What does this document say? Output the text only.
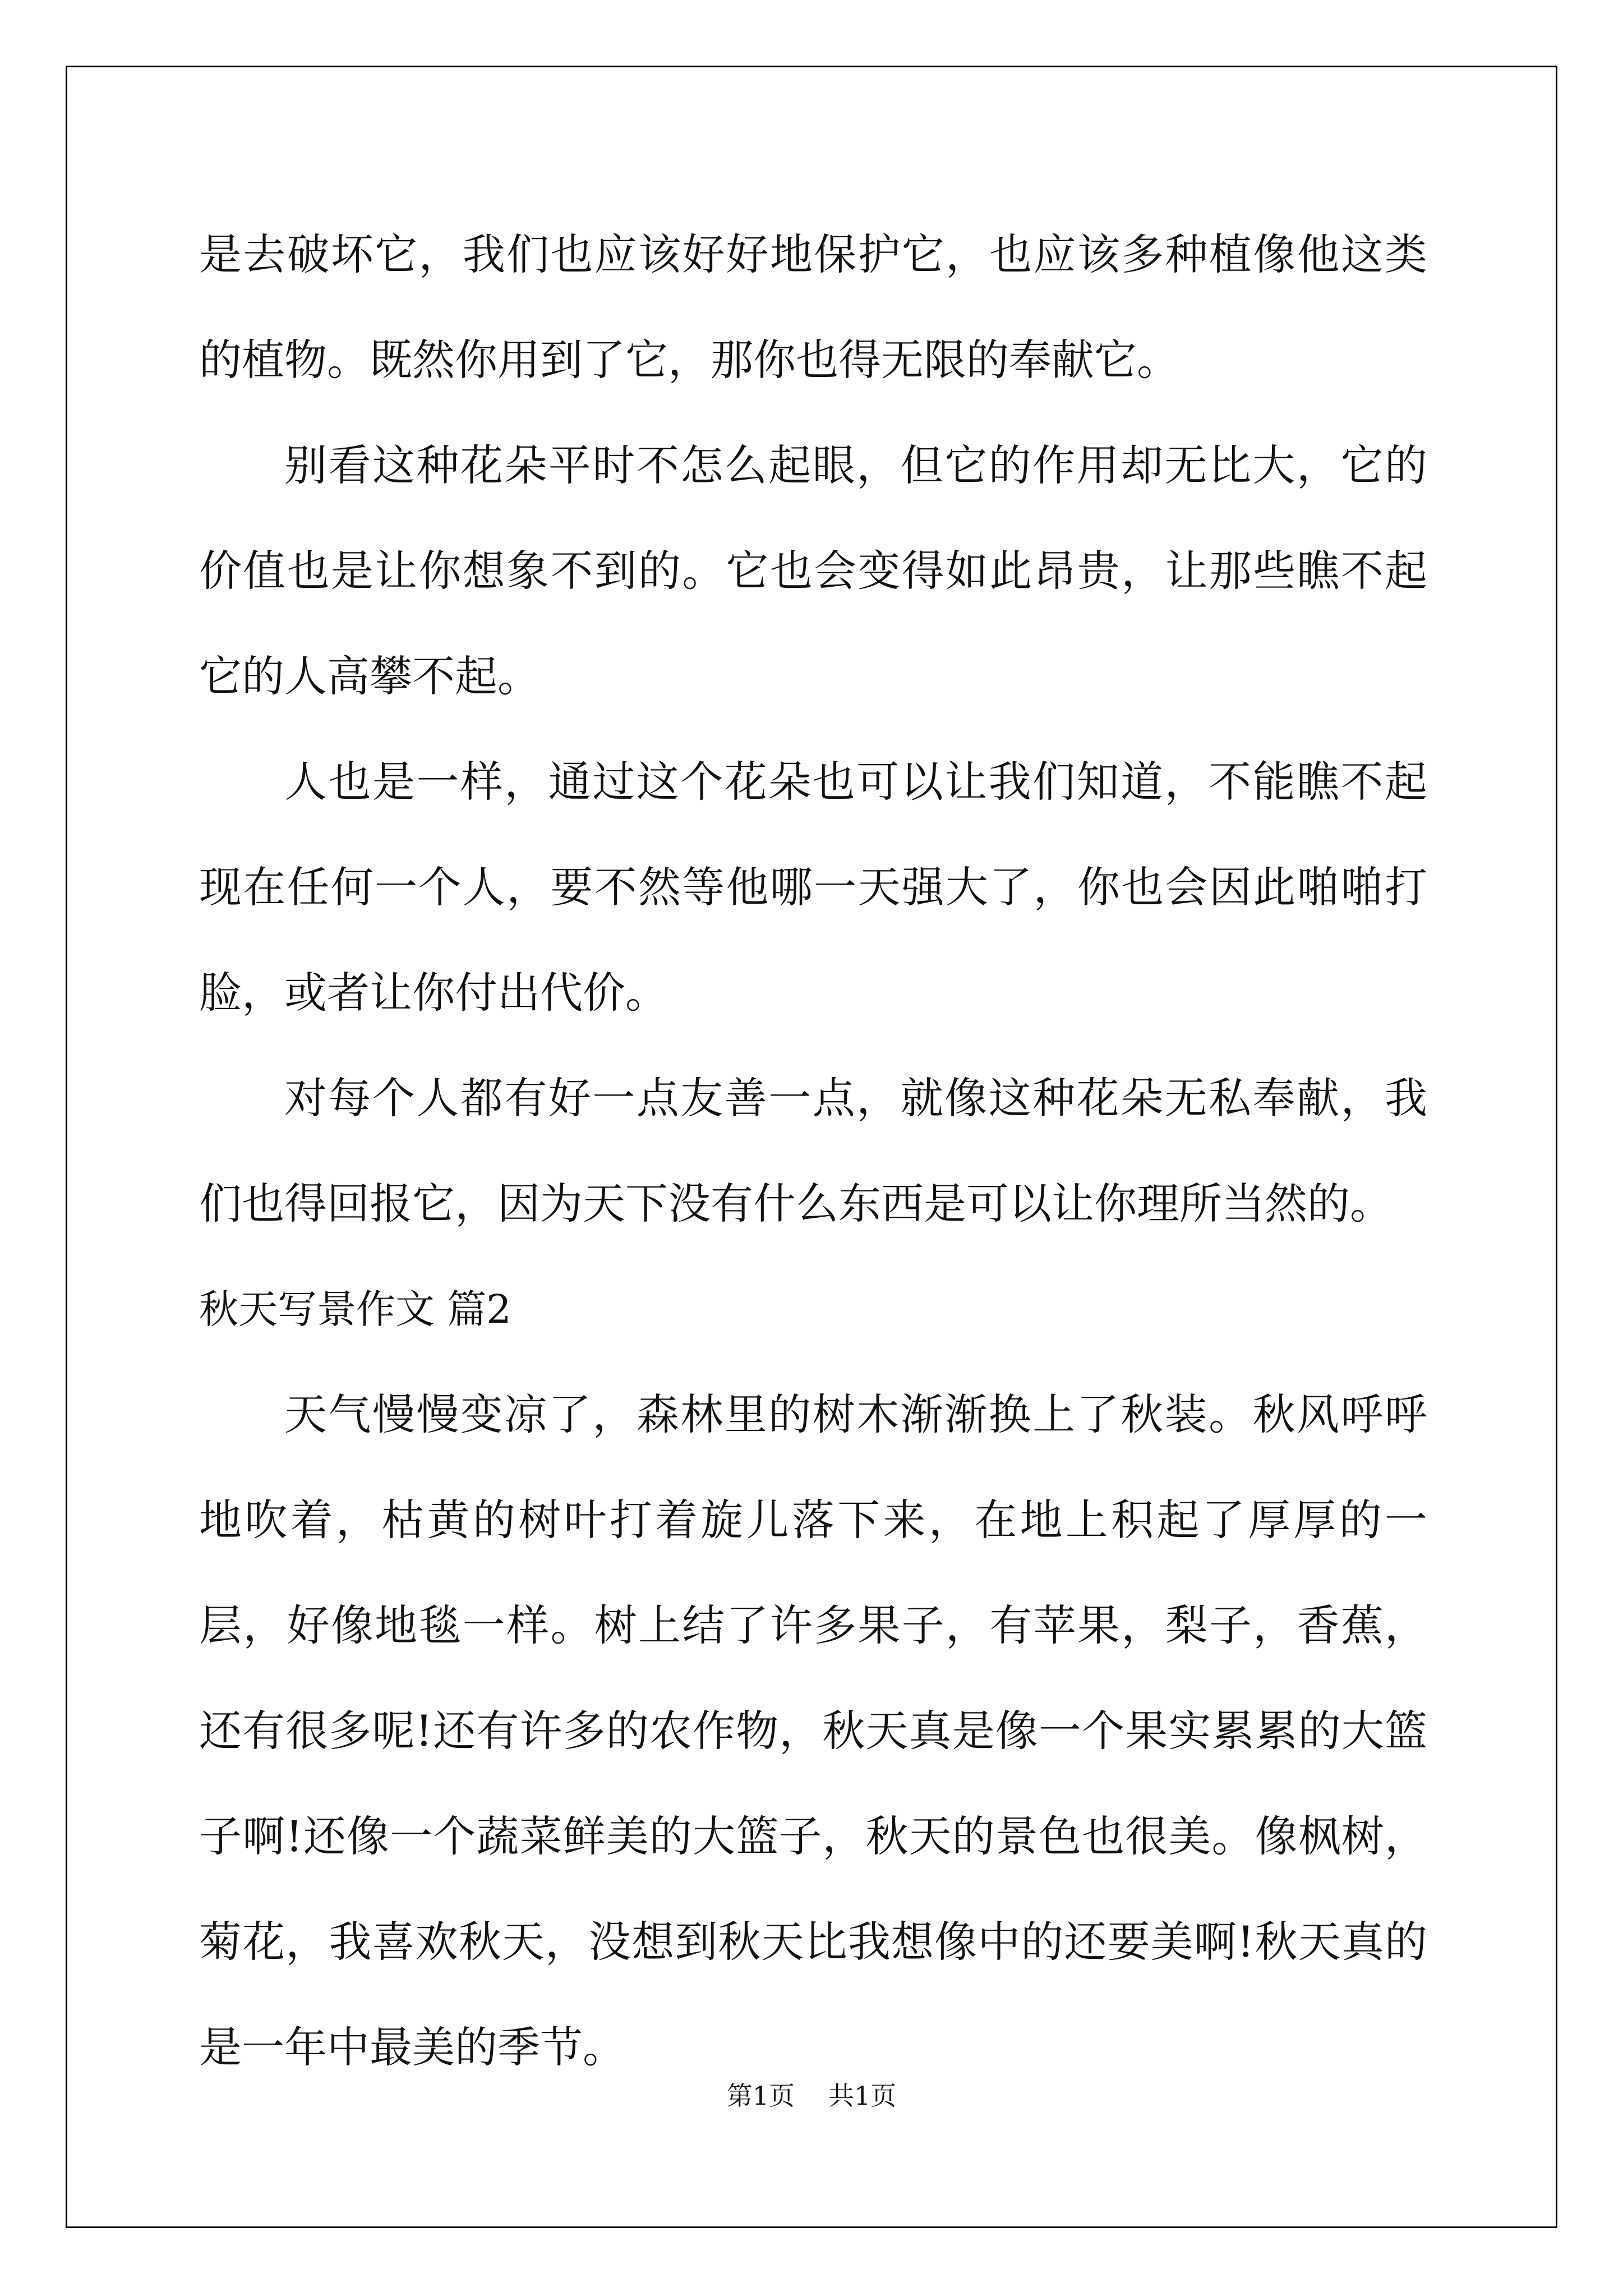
是去破坏它，我们也应该好好地保护它，也应该多种植像他这类的植物。既然你用到了它，那你也得无限的奉献它。

别看这种花朵平时不怎么起眼，但它的作用却无比大，它的价值也是让你想象不到的。它也会变得如此昂贵，让那些瞧不起它的人高攀不起。

人也是一样，通过这个花朵也可以让我们知道，不能瞧不起现在任何一个人，要不然等他哪一天强大了，你也会因此啪啪打脸，或者让你付出代价。

对每个人都有好一点友善一点，就像这种花朵无私奉献，我们也得回报它，因为天下没有什么东西是可以让你理所当然的。

秋天写景作文 篇2

天气慢慢变凉了，森林里的树木渐渐换上了秋装。秋风呼呼地吹着，枯黄的树叶打着旋儿落下来，在地上积起了厚厚的一层，好像地毯一样。树上结了许多果子，有苹果，梨子，香蕉，还有很多呢!还有许多的农作物，秋天真是像一个果实累累的大篮子啊!还像一个蔬菜鲜美的大篮子，秋天的景色也很美。像枫树，菊花，我喜欢秋天，没想到秋天比我想像中的还要美啊!秋天真的是一年中最美的季节。

第1页 共1页
